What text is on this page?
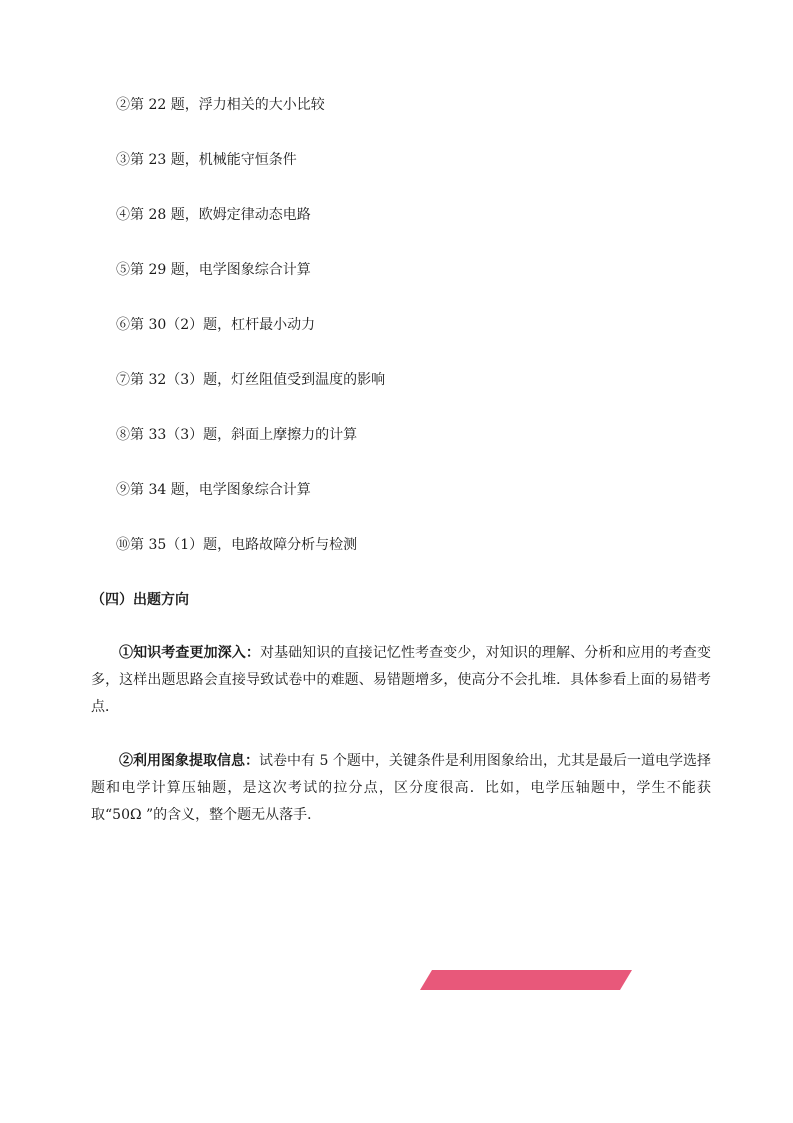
②第 22 题，浮力相关的大小比较
③第 23 题，机械能守恒条件
④第 28 题，欧姆定律动态电路
⑤第 29 题，电学图象综合计算
⑥第 30（2）题，杠杆最小动力
⑦第 32（3）题，灯丝阻值受到温度的影响
⑧第 33（3）题，斜面上摩擦力的计算
⑨第 34 题，电学图象综合计算
⑩第 35（1）题，电路故障分析与检测
（四）出题方向
①知识考查更加深入：对基础知识的直接记忆性考查变少，对知识的理解、分析和应用的考查变多，这样出题思路会直接导致试卷中的难题、易错题增多，使高分不会扎堆．具体参看上面的易错考点．
②利用图象提取信息：试卷中有 5 个题中，关键条件是利用图象给出，尤其是最后一道电学选择题和电学计算压轴题，是这次考试的拉分点，区分度很高．比如，电学压轴题中，学生不能获取“50Ω ”的含义，整个题无从落手．
